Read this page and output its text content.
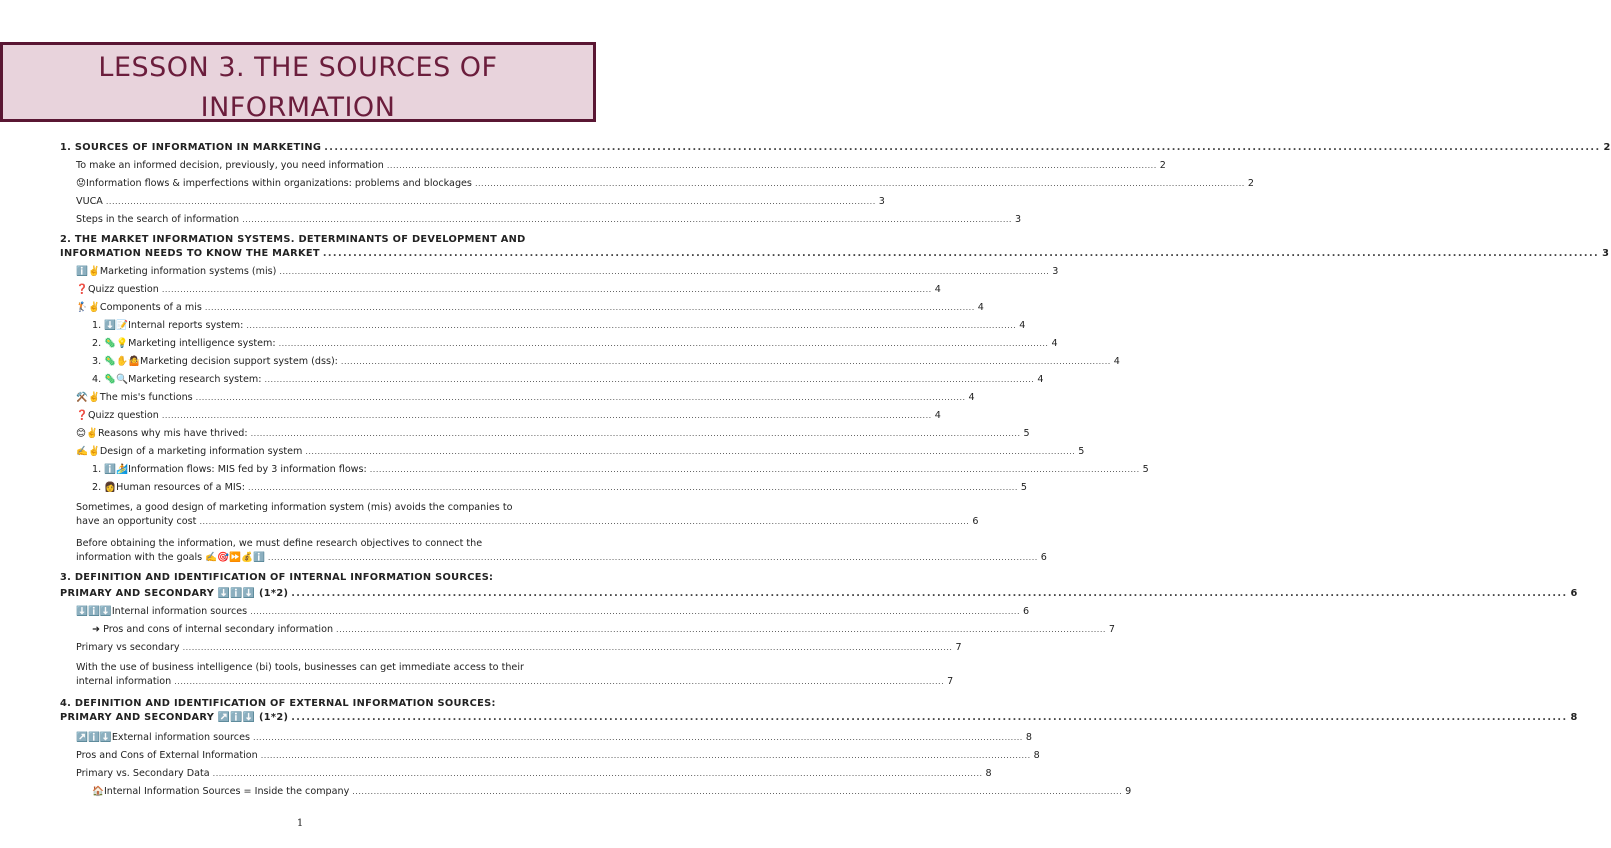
LESSON 3. THE SOURCES OF
INFORMATION
1. SOURCES OF INFORMATION IN MARKETING .....	2
To make an informed decision, previously, you need information .....	2
😟Information flows & imperfections within organizations: problems and blockages .....	2
VUCA .....	3
Steps in the search of information .....	3
2. THE MARKET INFORMATION SYSTEMS. DETERMINANTS OF DEVELOPMENT AND
INFORMATION NEEDS TO KNOW THE MARKET .....	3
ℹ️✌️Marketing information systems (mis) .....	3
❓Quizz question .....	4
🏌️✌️Components of a mis .....	4
1. ⬇️📝Internal reports system: .....	4
2. 🦠💡Marketing intelligence system: .....	4
3. 🦠✋🤷Marketing decision support system (dss): .....	4
4. 🦠🔍Marketing research system: .....	4
⚒️✌️The mis's functions .....	4
❓Quizz question .....	4
😊✌️Reasons why mis have thrived: .....	5
✍️✌️Design of a marketing information system .....	5
1. ℹ️🏄Information flows: MIS fed by 3 information flows: .....	5
2. 👩Human resources of a MIS: .....	5
Sometimes, a good design of marketing information system (mis) avoids the companies to
have an opportunity cost .....	6
Before obtaining the information, we must define research objectives to connect the
information with the goals ✍️🎯⏩💰ℹ️ .....	6
3. DEFINITION AND IDENTIFICATION OF INTERNAL INFORMATION SOURCES:
PRIMARY AND SECONDARY ⬇️ℹ️⬇️ (1*2) .....	6
⬇️ℹ️⬇️Internal information sources .....	6
➜ Pros and cons of internal secondary information .....	7
Primary vs secondary .....	7
With the use of business intelligence (bi) tools, businesses can get immediate access to their
internal information .....	7
4. DEFINITION AND IDENTIFICATION OF EXTERNAL INFORMATION SOURCES:
PRIMARY AND SECONDARY ↗️ℹ️⬇️ (1*2) .....	8
↗️ℹ️⬇️External information sources .....	8
Pros and Cons of External Information .....	8
Primary vs. Secondary Data .....	8
🏠Internal Information Sources = Inside the company .....	9
1
